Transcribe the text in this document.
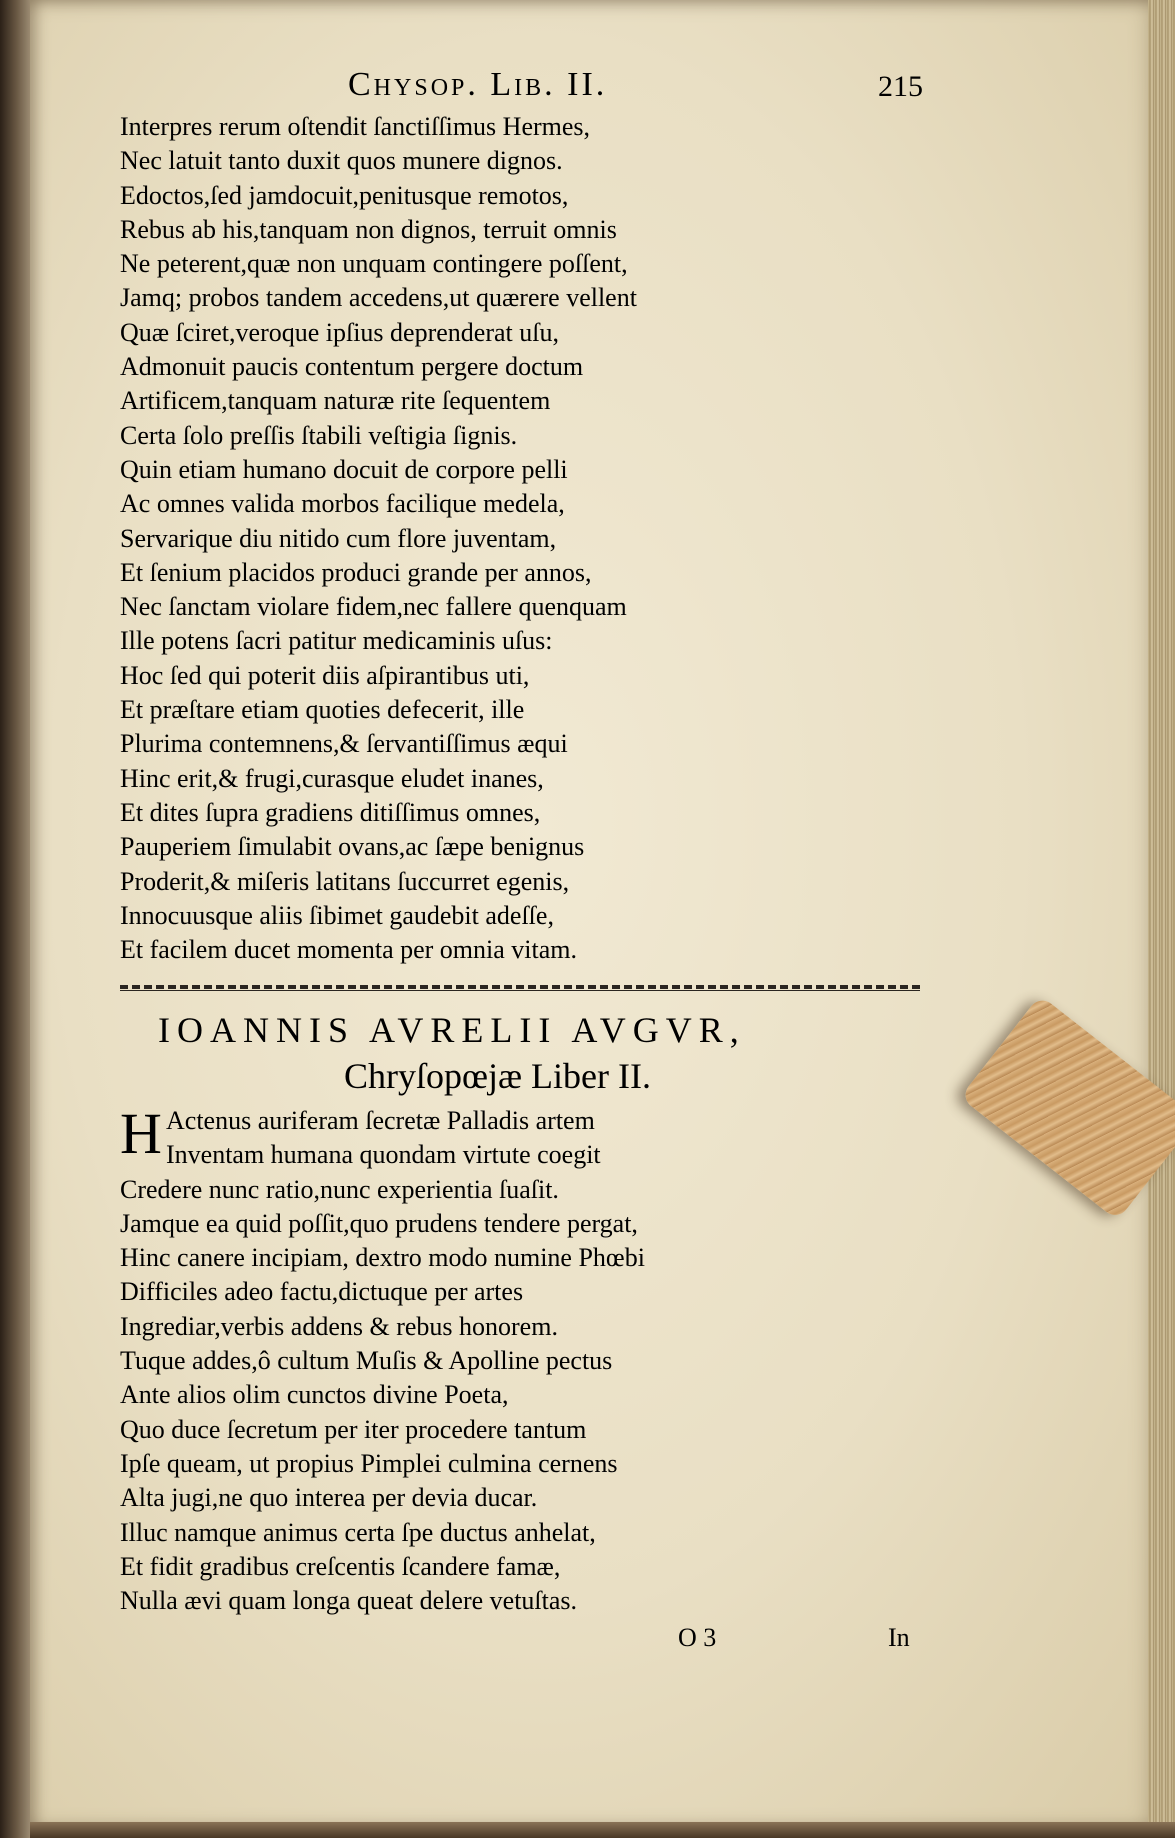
Chysop. Lib. II.	215
Interpres rerum oſtendit ſanctiſſimus Hermes,
Nec latuit tanto duxit quos munere dignos.
Edoctos,ſed jamdocuit,penitusque remotos,
Rebus ab his,tanquam non dignos, terruit omnis
Ne peterent,quæ non unquam contingere poſſent,
Jamq; probos tandem accedens,ut quærere vellent
Quæ ſciret,veroque ipſius deprenderat uſu,
Admonuit paucis contentum pergere doctum
Artificem,tanquam naturæ rite ſequentem
Certa ſolo preſſis ſtabili veſtigia ſignis.
Quin etiam humano docuit de corpore pelli
Ac omnes valida morbos facilique medela,
Servarique diu nitido cum flore juventam,
Et ſenium placidos produci grande per annos,
Nec ſanctam violare fidem,nec fallere quenquam
Ille potens ſacri patitur medicaminis uſus:
Hoc ſed qui poterit diis aſpirantibus uti,
Et præſtare etiam quoties defecerit, ille
Plurima contemnens,& ſervantiſſimus æqui
Hinc erit,& frugi,curasque eludet inanes,
Et dites ſupra gradiens ditiſſimus omnes,
Pauperiem ſimulabit ovans,ac ſæpe benignus
Proderit,& miſeris latitans ſuccurret egenis,
Innocuusque aliis ſibimet gaudebit adeſſe,
Et facilem ducet momenta per omnia vitam.
IOANNIS AVRELII AVGVR,
Chryſopœjæ Liber II.
H Actenus auriferam ſecretæ Palladis artem
Inventam humana quondam virtute coegit
Credere nunc ratio,nunc experientia ſuaſit.
Jamque ea quid poſſit,quo prudens tendere pergat,
Hinc canere incipiam, dextro modo numine Phœbi
Difficiles adeo factu,dictuque per artes
Ingrediar,verbis addens & rebus honorem.
Tuque addes,ô cultum Muſis & Apolline pectus
Ante alios olim cunctos divine Poeta,
Quo duce ſecretum per iter procedere tantum
Ipſe queam, ut propius Pimplei culmina cernens
Alta jugi,ne quo interea per devia ducar.
Illuc namque animus certa ſpe ductus anhelat,
Et fidit gradibus creſcentis ſcandere famæ,
Nulla ævi quam longa queat delere vetuſtas.
O 3	In
